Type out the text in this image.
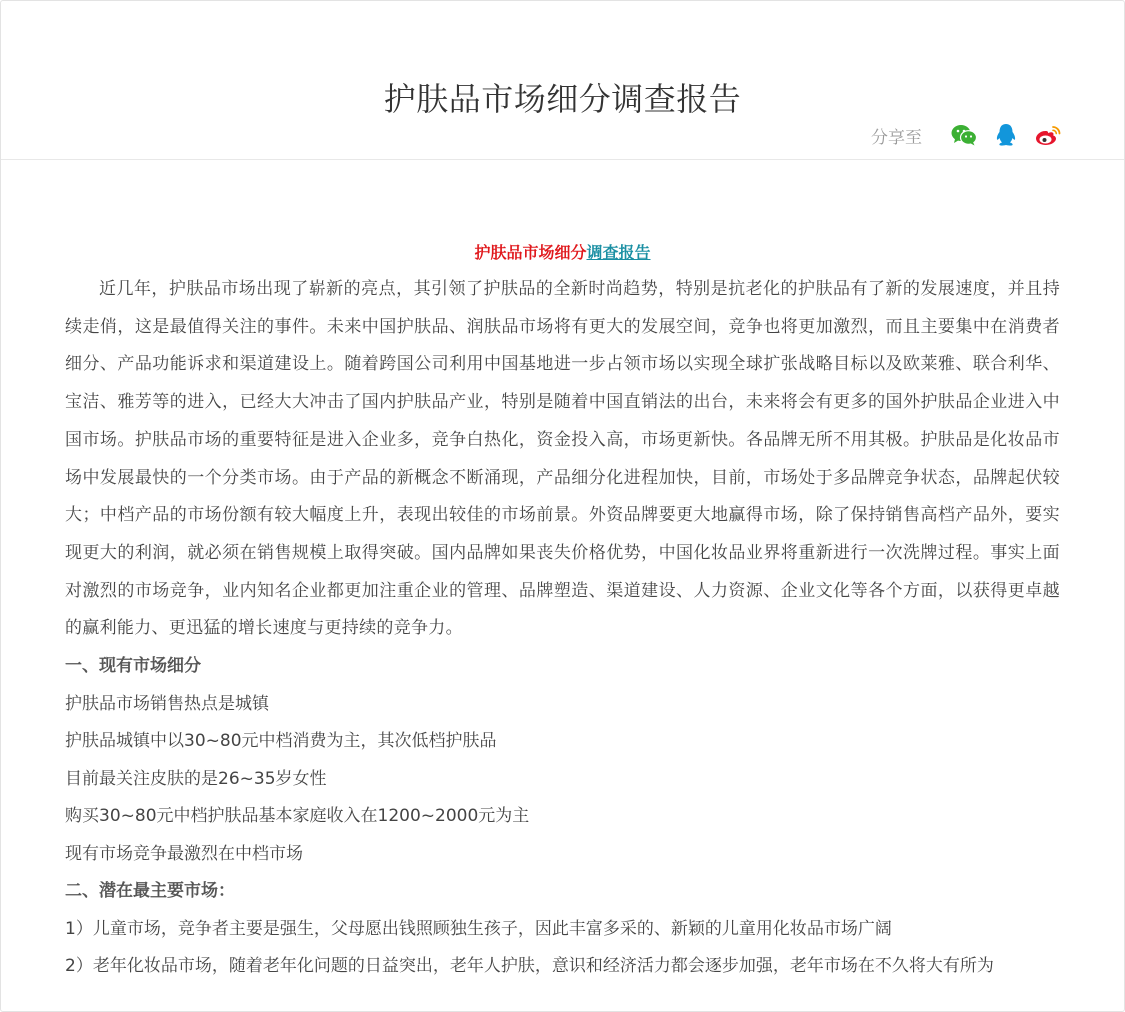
护肤品市场细分调查报告
分享至
护肤品市场细分调查报告

近几年，护肤品市场出现了崭新的亮点，其引领了护肤品的全新时尚趋势，特别是抗老化的护肤品有了新的发展速度，并且持续走俏，这是最值得关注的事件。未来中国护肤品、润肤品市场将有更大的发展空间，竞争也将更加激烈，而且主要集中在消费者细分、产品功能诉求和渠道建设上。随着跨国公司利用中国基地进一步占领市场以实现全球扩张战略目标以及欧莱雅、联合利华、宝洁、雅芳等的进入，已经大大冲击了国内护肤品产业，特别是随着中国直销法的出台，未来将会有更多的国外护肤品企业进入中国市场。护肤品市场的重要特征是进入企业多，竞争白热化，资金投入高，市场更新快。各品牌无所不用其极。护肤品是化妆品市场中发展最快的一个分类市场。由于产品的新概念不断涌现，产品细分化进程加快，目前，市场处于多品牌竞争状态，品牌起伏较大；中档产品的市场份额有较大幅度上升，表现出较佳的市场前景。外资品牌要更大地赢得市场，除了保持销售高档产品外，要实现更大的利润，就必须在销售规模上取得突破。国内品牌如果丧失价格优势，中国化妆品业界将重新进行一次洗牌过程。事实上面对激烈的市场竞争，业内知名企业都更加注重企业的管理、品牌塑造、渠道建设、人力资源、企业文化等各个方面，以获得更卓越的赢利能力、更迅猛的增长速度与更持续的竞争力。

一、现有市场细分

护肤品市场销售热点是城镇

护肤品城镇中以30~80元中档消费为主，其次低档护肤品

目前最关注皮肤的是26~35岁女性

购买30~80元中档护肤品基本家庭收入在1200~2000元为主

现有市场竞争最激烈在中档市场

二、潜在最主要市场：

1）儿童市场，竞争者主要是强生，父母愿出钱照顾独生孩子，因此丰富多采的、新颖的儿童用化妆品市场广阔

2）老年化妆品市场，随着老年化问题的日益突出，老年人护肤，意识和经济活力都会逐步加强，老年市场在不久将大有所为
